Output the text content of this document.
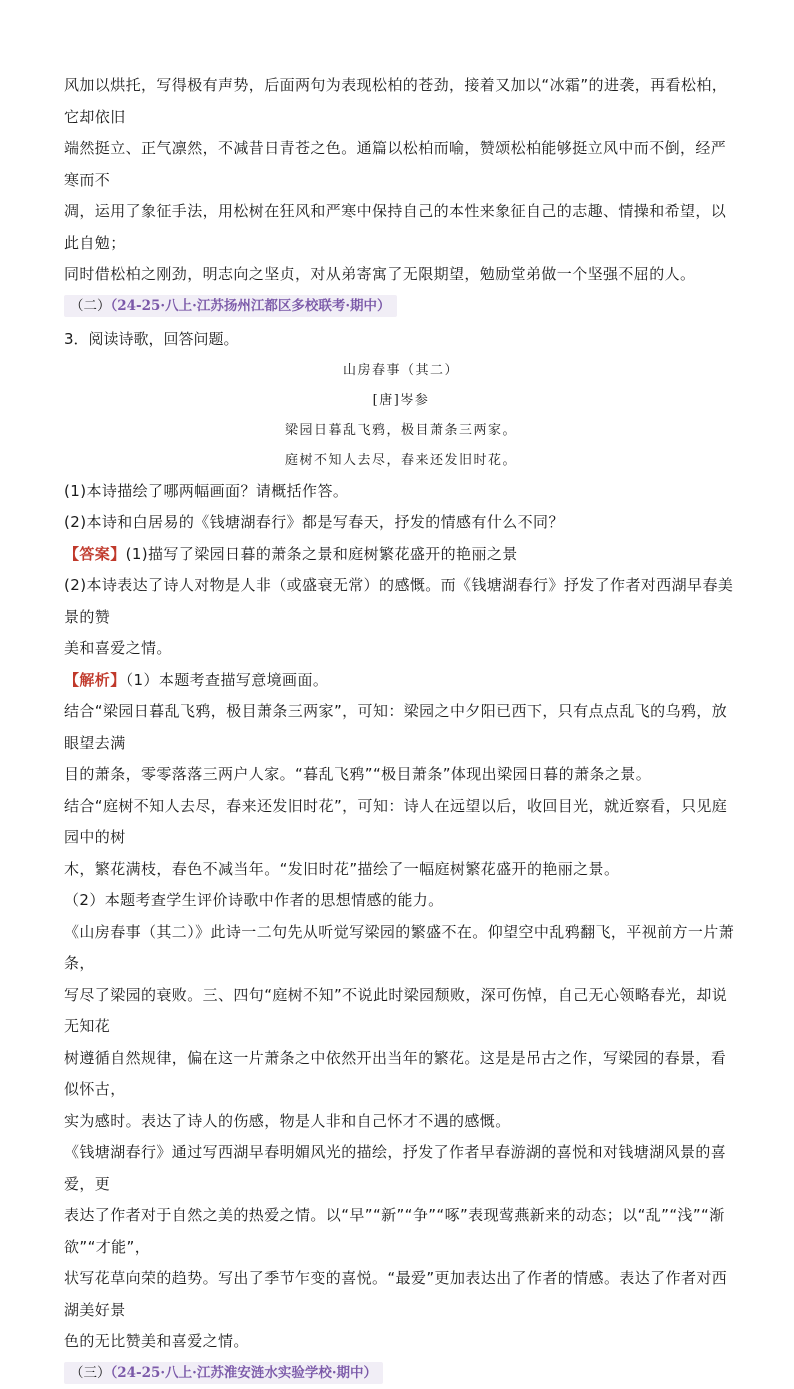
风加以烘托，写得极有声势，后面两句为表现松柏的苍劲，接着又加以“冰霜”的进袭，再看松柏，它却依旧

端然挺立、正气凛然，不减昔日青苍之色。通篇以松柏而喻，赞颂松柏能够挺立风中而不倒，经严寒而不

凋，运用了象征手法，用松树在狂风和严寒中保持自己的本性来象征自己的志趣、情操和希望，以此自勉；

同时借松柏之刚劲，明志向之坚贞，对从弟寄寓了无限期望，勉励堂弟做一个坚强不屈的人。

（二）（24-25·八上·江苏扬州江都区多校联考·期中）

3．阅读诗歌，回答问题。

山房春事（其二）

[唐]岑参

梁园日暮乱飞鸦，极目萧条三两家。

庭树不知人去尽，春来还发旧时花。

(1)本诗描绘了哪两幅画面？请概括作答。

(2)本诗和白居易的《钱塘湖春行》都是写春天，抒发的情感有什么不同？

【答案】(1)描写了梁园日暮的萧条之景和庭树繁花盛开的艳丽之景

(2)本诗表达了诗人对物是人非（或盛衰无常）的感慨。而《钱塘湖春行》抒发了作者对西湖早春美景的赞

美和喜爱之情。

【解析】（1）本题考查描写意境画面。

结合“梁园日暮乱飞鸦，极目萧条三两家”，可知：梁园之中夕阳已西下，只有点点乱飞的乌鸦，放眼望去满

目的萧条，零零落落三两户人家。“暮乱飞鸦”“极目萧条”体现出梁园日暮的萧条之景。

结合“庭树不知人去尽，春来还发旧时花”，可知：诗人在远望以后，收回目光，就近察看，只见庭园中的树

木，繁花满枝，春色不减当年。“发旧时花”描绘了一幅庭树繁花盛开的艳丽之景。

（2）本题考查学生评价诗歌中作者的思想情感的能力。

《山房春事（其二）》此诗一二句先从听觉写梁园的繁盛不在。仰望空中乱鸦翻飞，平视前方一片萧条，

写尽了梁园的衰败。三、四句“庭树不知”不说此时梁园颓败，深可伤悼，自己无心领略春光，却说无知花

树遵循自然规律，偏在这一片萧条之中依然开出当年的繁花。这是是吊古之作，写梁园的春景，看似怀古，

实为感时。表达了诗人的伤感，物是人非和自己怀才不遇的感慨。

《钱塘湖春行》通过写西湖早春明媚风光的描绘，抒发了作者早春游湖的喜悦和对钱塘湖风景的喜爱，更

表达了作者对于自然之美的热爱之情。以“早”“新”“争”“啄”表现莺燕新来的动态；以“乱”“浅”“渐欲”“才能”，

状写花草向荣的趋势。写出了季节乍变的喜悦。“最爱”更加表达出了作者的情感。表达了作者对西湖美好景

色的无比赞美和喜爱之情。

（三）（24-25·八上·江苏淮安涟水实验学校·期中）
